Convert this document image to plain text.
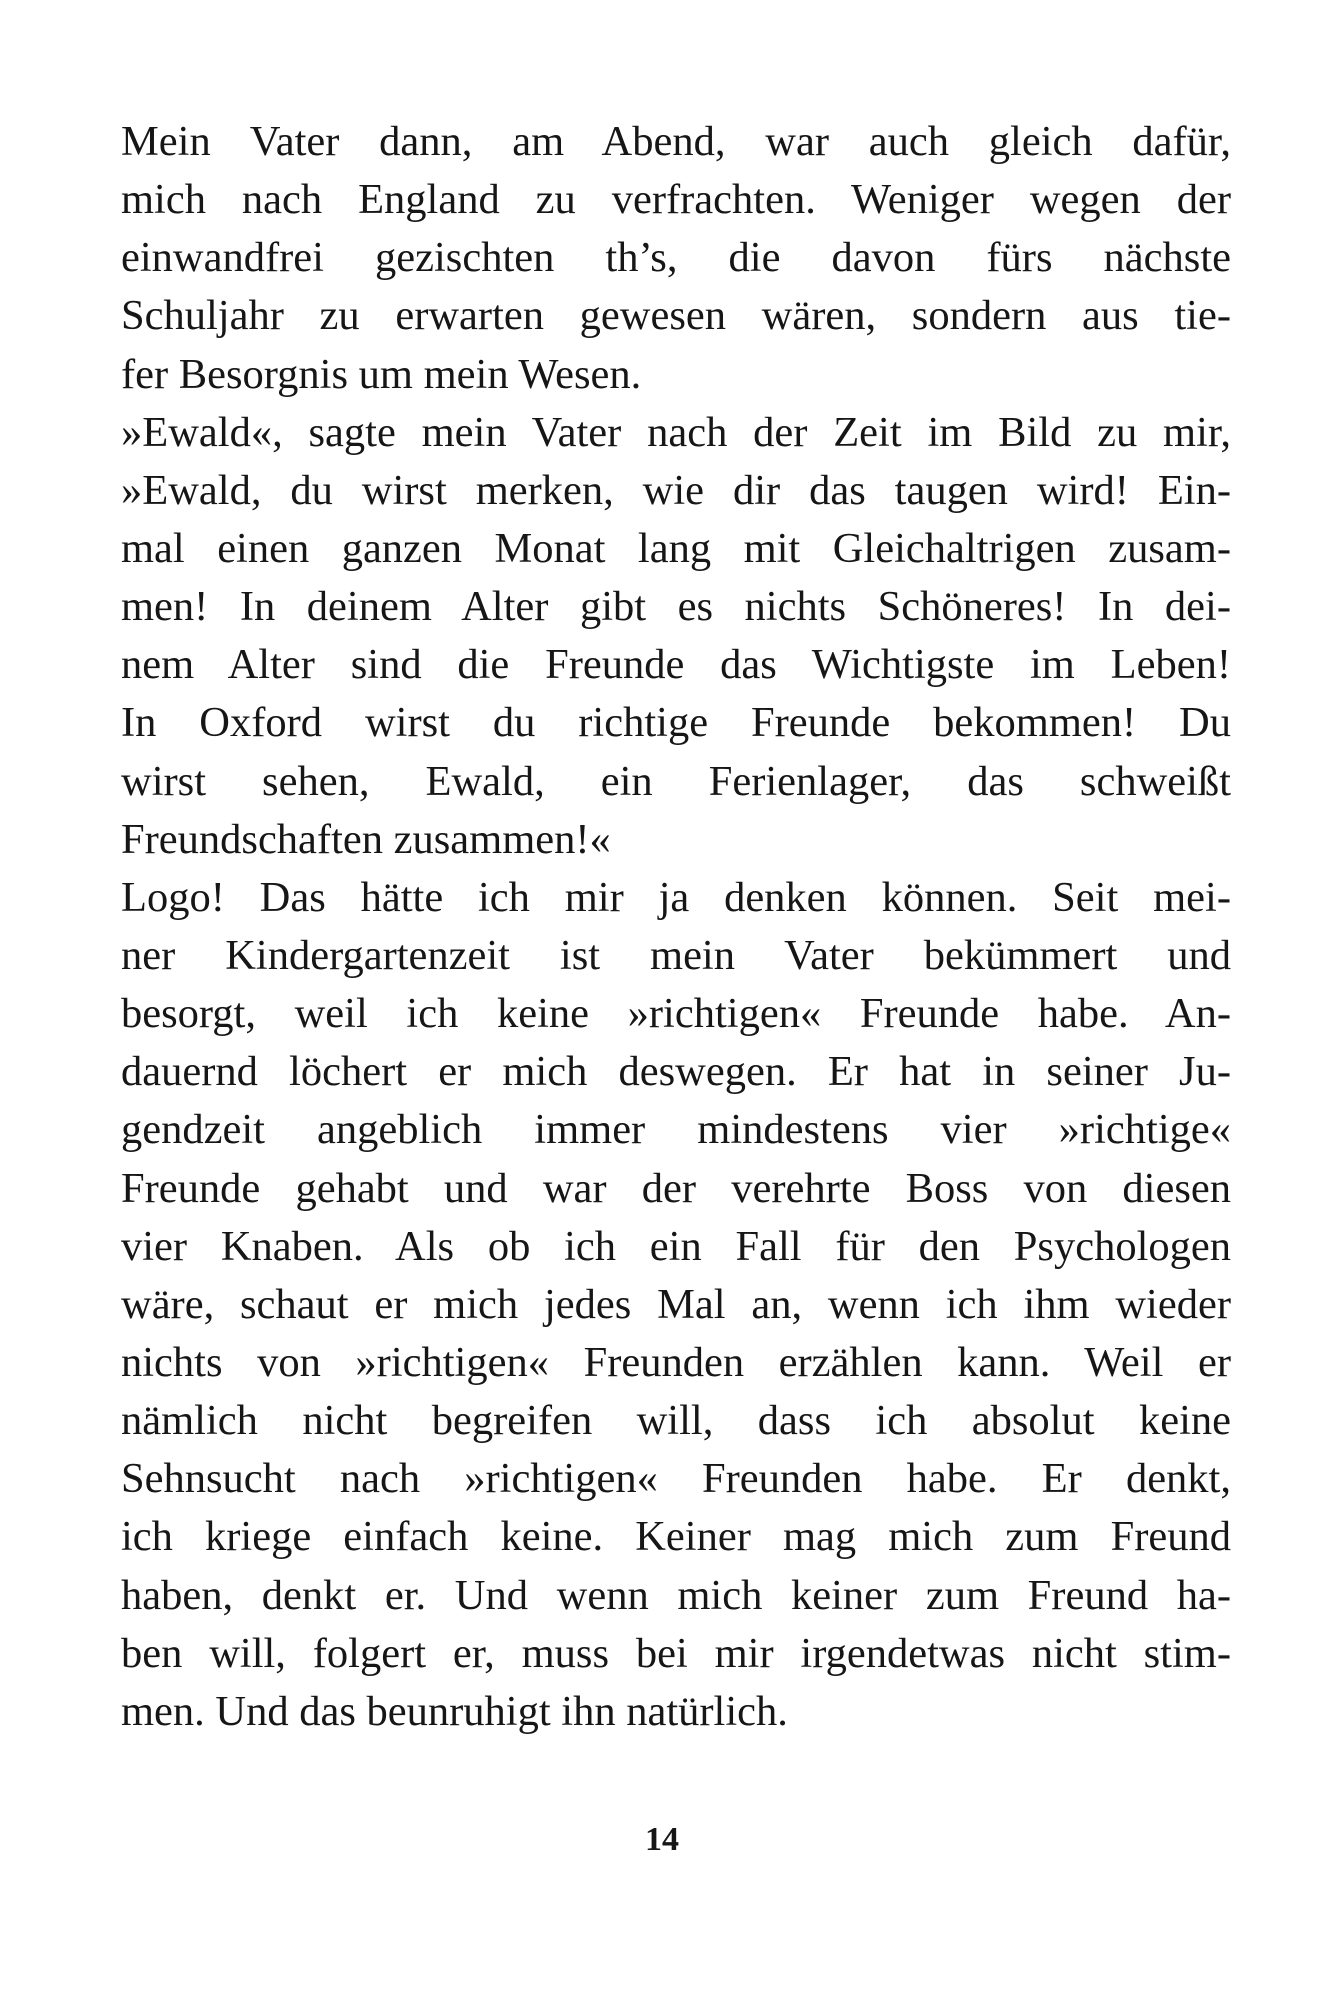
Mein Vater dann, am Abend, war auch gleich dafür,
mich nach England zu verfrachten. Weniger wegen der
einwandfrei gezischten th’s, die davon fürs nächste
Schuljahr zu erwarten gewesen wären, sondern aus tie-
fer Besorgnis um mein Wesen.
»Ewald«, sagte mein Vater nach der Zeit im Bild zu mir,
»Ewald, du wirst merken, wie dir das taugen wird! Ein-
mal einen ganzen Monat lang mit Gleichaltrigen zusam-
men! In deinem Alter gibt es nichts Schöneres! In dei-
nem Alter sind die Freunde das Wichtigste im Leben!
In Oxford wirst du richtige Freunde bekommen! Du
wirst sehen, Ewald, ein Ferienlager, das schweißt
Freundschaften zusammen!«
Logo! Das hätte ich mir ja denken können. Seit mei-
ner Kindergartenzeit ist mein Vater bekümmert und
besorgt, weil ich keine »richtigen« Freunde habe. An-
dauernd löchert er mich deswegen. Er hat in seiner Ju-
gendzeit angeblich immer mindestens vier »richtige«
Freunde gehabt und war der verehrte Boss von diesen
vier Knaben. Als ob ich ein Fall für den Psychologen
wäre, schaut er mich jedes Mal an, wenn ich ihm wieder
nichts von »richtigen« Freunden erzählen kann. Weil er
nämlich nicht begreifen will, dass ich absolut keine
Sehnsucht nach »richtigen« Freunden habe. Er denkt,
ich kriege einfach keine. Keiner mag mich zum Freund
haben, denkt er. Und wenn mich keiner zum Freund ha-
ben will, folgert er, muss bei mir irgendetwas nicht stim-
men. Und das beunruhigt ihn natürlich.
14
